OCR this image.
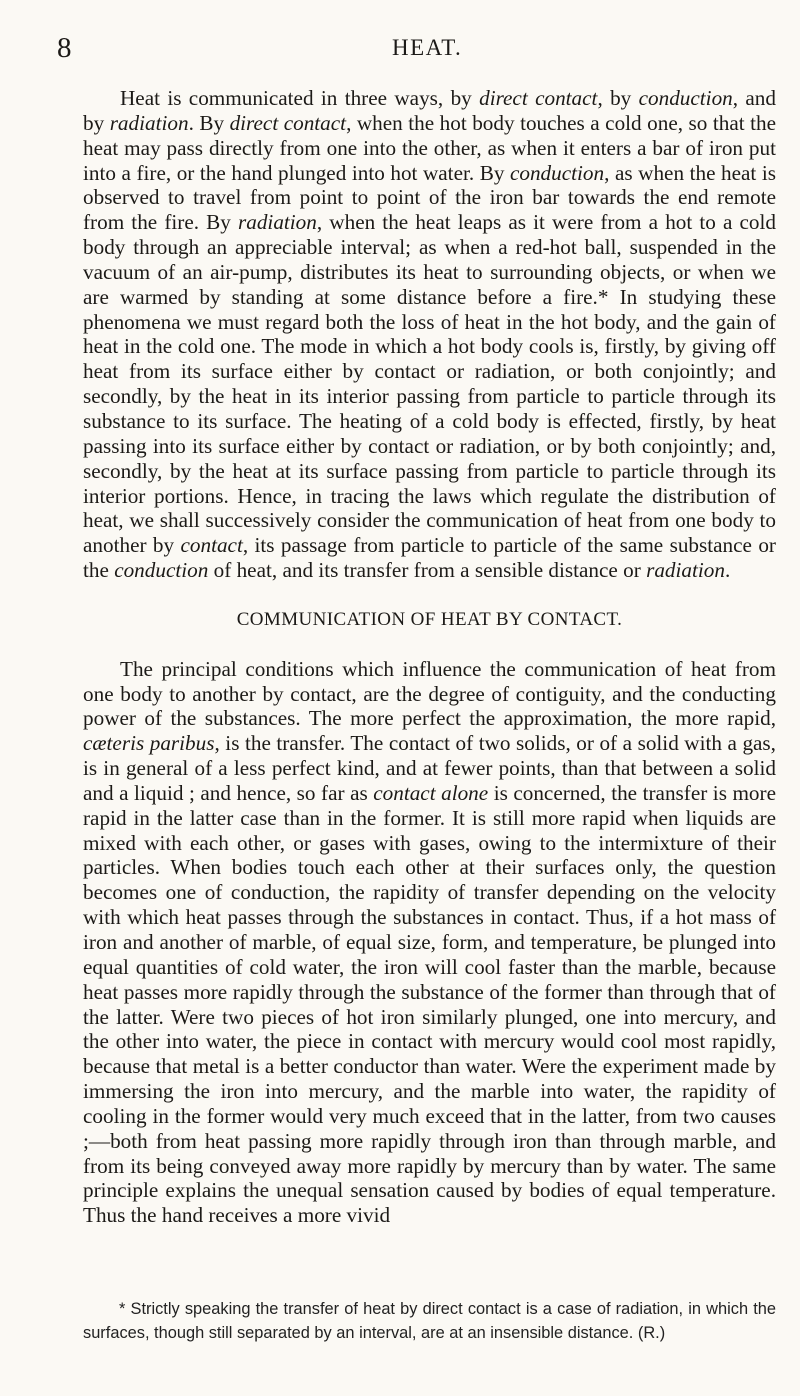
8	HEAT.

Heat is communicated in three ways, by direct contact, by conduction, and by radiation. By direct contact, when the hot body touches a cold one, so that the heat may pass directly from one into the other, as when it enters a bar of iron put into a fire, or the hand plunged into hot water. By conduction, as when the heat is observed to travel from point to point of the iron bar towards the end remote from the fire. By radiation, when the heat leaps as it were from a hot to a cold body through an appreciable interval; as when a red-hot ball, suspended in the vacuum of an air-pump, distributes its heat to surrounding objects, or when we are warmed by standing at some distance before a fire.* In studying these phenomena we must regard both the loss of heat in the hot body, and the gain of heat in the cold one. The mode in which a hot body cools is, firstly, by giving off heat from its surface either by contact or radiation, or both conjointly; and secondly, by the heat in its interior passing from particle to particle through its substance to its surface. The heating of a cold body is effected, firstly, by heat passing into its surface either by contact or radiation, or by both conjointly; and, secondly, by the heat at its surface passing from particle to particle through its interior portions. Hence, in tracing the laws which regulate the distribution of heat, we shall successively consider the communication of heat from one body to another by contact, its passage from particle to particle of the same substance or the conduction of heat, and its transfer from a sensible distance or radiation.

COMMUNICATION OF HEAT BY CONTACT.

The principal conditions which influence the communication of heat from one body to another by contact, are the degree of contiguity, and the conducting power of the substances. The more perfect the approximation, the more rapid, cæteris paribus, is the transfer. The contact of two solids, or of a solid with a gas, is in general of a less perfect kind, and at fewer points, than that between a solid and a liquid ; and hence, so far as contact alone is concerned, the transfer is more rapid in the latter case than in the former. It is still more rapid when liquids are mixed with each other, or gases with gases, owing to the intermixture of their particles. When bodies touch each other at their surfaces only, the question becomes one of conduction, the rapidity of transfer depending on the velocity with which heat passes through the substances in contact. Thus, if a hot mass of iron and another of marble, of equal size, form, and temperature, be plunged into equal quantities of cold water, the iron will cool faster than the marble, because heat passes more rapidly through the substance of the former than through that of the latter. Were two pieces of hot iron similarly plunged, one into mercury, and the other into water, the piece in contact with mercury would cool most rapidly, because that metal is a better conductor than water. Were the experiment made by immersing the iron into mercury, and the marble into water, the rapidity of cooling in the former would very much exceed that in the latter, from two causes ;—both from heat passing more rapidly through iron than through marble, and from its being conveyed away more rapidly by mercury than by water. The same principle explains the unequal sensation caused by bodies of equal temperature. Thus the hand receives a more vivid

* Strictly speaking the transfer of heat by direct contact is a case of radiation, in which the surfaces, though still separated by an interval, are at an insensible distance. (R.)
